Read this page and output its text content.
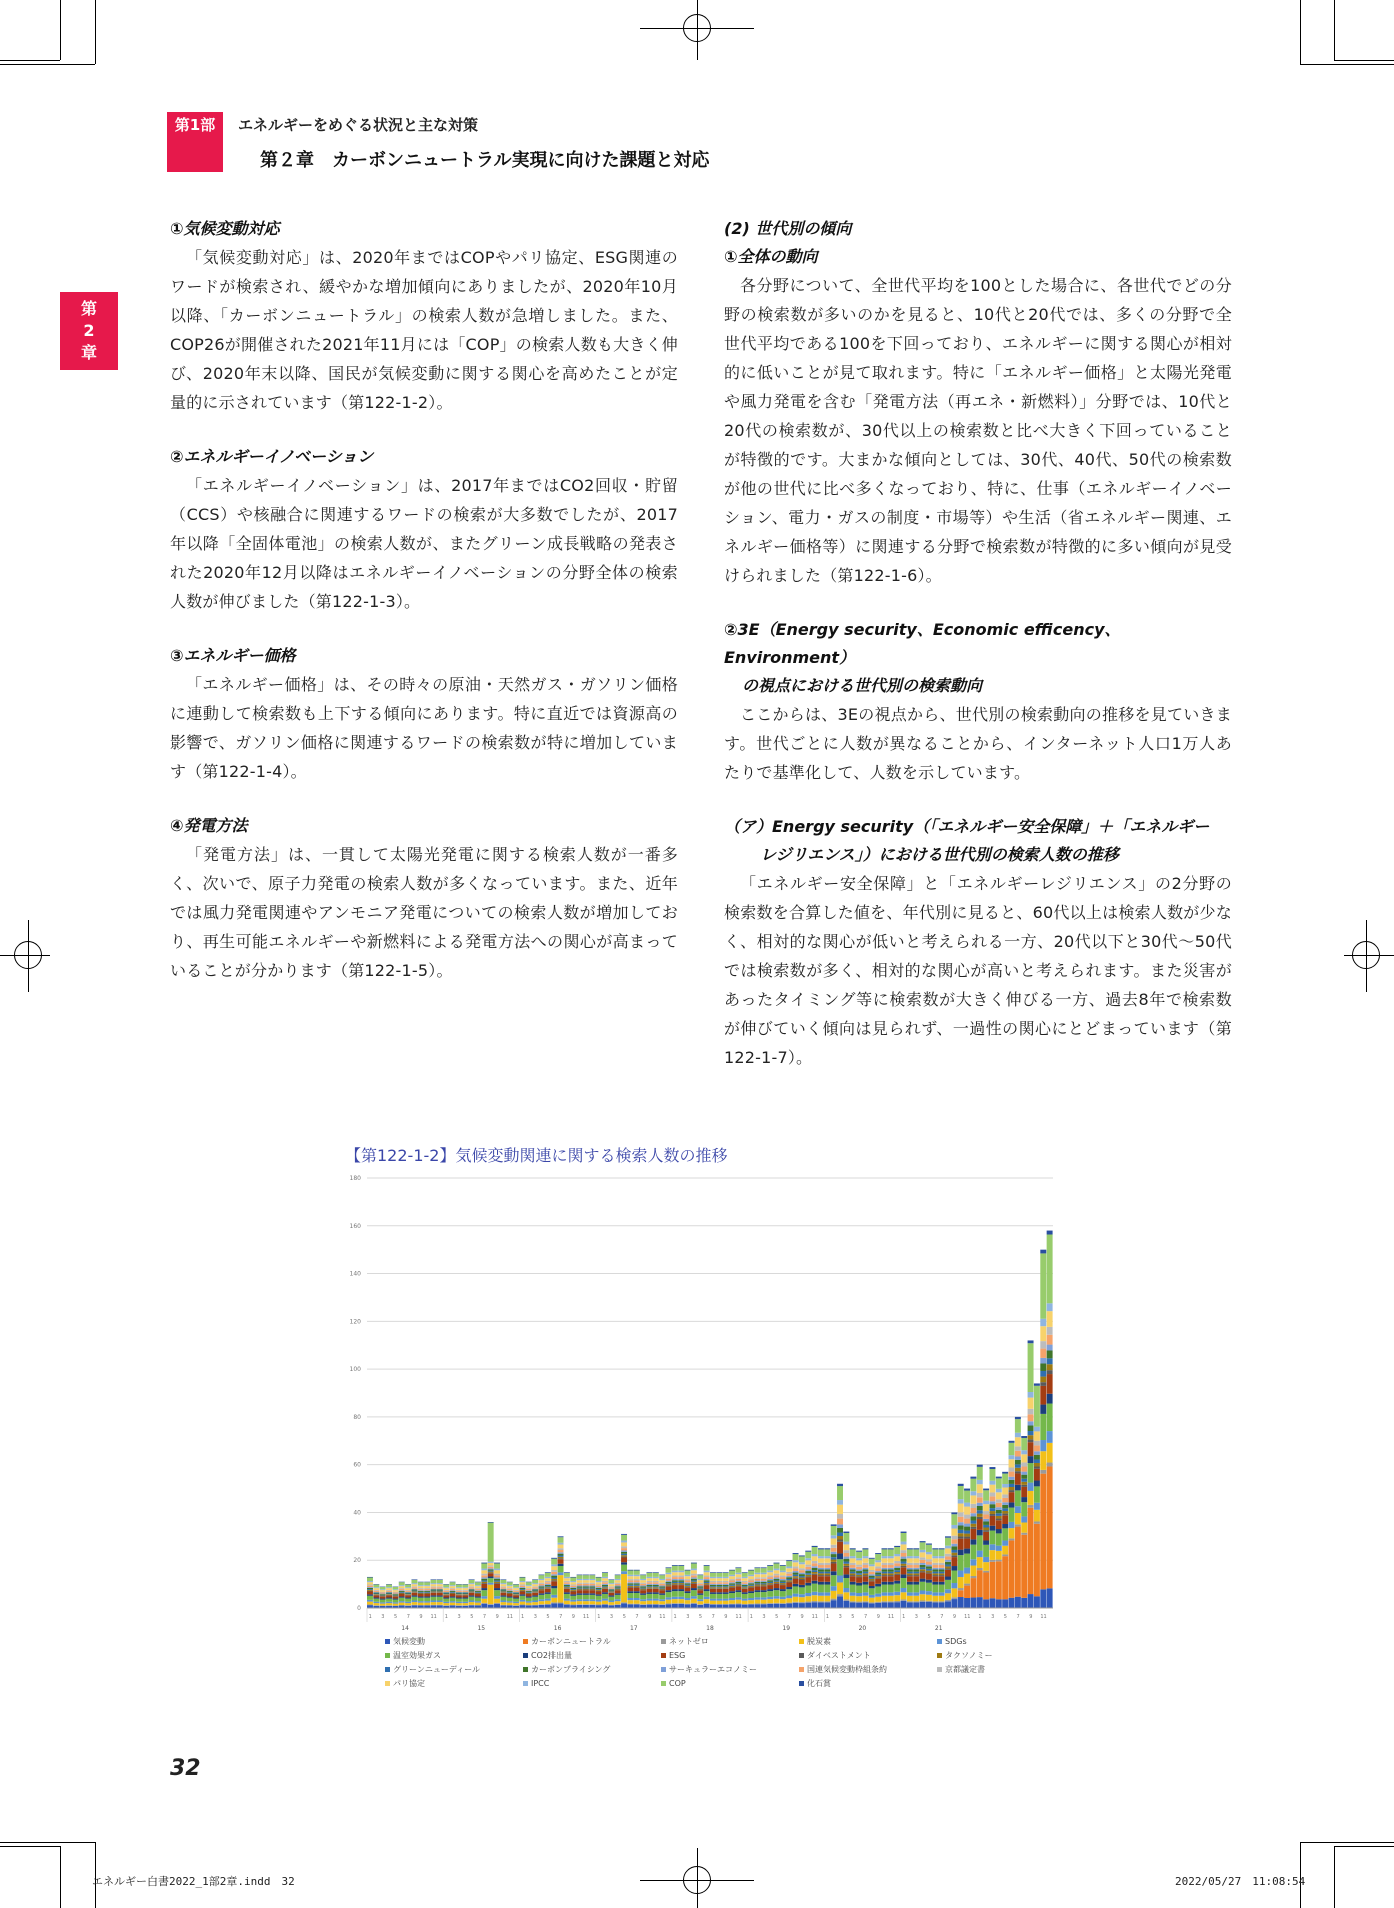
第1部	エネルギーをめぐる状況と主な対策
第２章　カーボンニュートラル実現に向けた課題と対応
第
2
章
①気候変動対応
「気候変動対応」は、2020年まではCOPやパリ協定、ESG関連のワードが検索され、緩やかな増加傾向にありましたが、2020年10月以降、「カーボンニュートラル」の検索人数が急増しました。また、COP26が開催された2021年11月には「COP」の検索人数も大きく伸び、2020年末以降、国民が気候変動に関する関心を高めたことが定量的に示されています（第122-1-2）。
②エネルギーイノベーション
「エネルギーイノベーション」は、2017年まではCO2回収・貯留（CCS）や核融合に関連するワードの検索が大多数でしたが、2017年以降「全固体電池」の検索人数が、またグリーン成長戦略の発表された2020年12月以降はエネルギーイノベーションの分野全体の検索人数が伸びました（第122-1-3）。
③エネルギー価格
「エネルギー価格」は、その時々の原油・天然ガス・ガソリン価格に連動して検索数も上下する傾向にあります。特に直近では資源高の影響で、ガソリン価格に関連するワードの検索数が特に増加しています（第122-1-4）。
④発電方法
「発電方法」は、一貫して太陽光発電に関する検索人数が一番多く、次いで、原子力発電の検索人数が多くなっています。また、近年では風力発電関連やアンモニア発電についての検索人数が増加しており、再生可能エネルギーや新燃料による発電方法への関心が高まっていることが分かります（第122-1-5）。
(2) 世代別の傾向
①全体の動向
各分野について、全世代平均を100とした場合に、各世代でどの分野の検索数が多いのかを見ると、10代と20代では、多くの分野で全世代平均である100を下回っており、エネルギーに関する関心が相対的に低いことが見て取れます。特に「エネルギー価格」と太陽光発電や風力発電を含む「発電方法（再エネ・新燃料）」分野では、10代と20代の検索数が、30代以上の検索数と比べ大きく下回っていることが特徴的です。大まかな傾向としては、30代、40代、50代の検索数が他の世代に比べ多くなっており、特に、仕事（エネルギーイノベーション、電力・ガスの制度・市場等）や生活（省エネルギー関連、エネルギー価格等）に関連する分野で検索数が特徴的に多い傾向が見受けられました（第122-1-6）。
②3E（Energy security、Economic efficency、Environment）
の視点における世代別の検索動向
ここからは、3Eの視点から、世代別の検索動向の推移を見ていきます。世代ごとに人数が異なることから、インターネット人口1万人あたりで基準化して、人数を示しています。
（ア）Energy security（「エネルギー安全保障」＋「エネルギー
レジリエンス」）における世代別の検索人数の推移
「エネルギー安全保障」と「エネルギーレジリエンス」の2分野の検索数を合算した値を、年代別に見ると、60代以上は検索人数が少なく、相対的な関心が低いと考えられる一方、20代以下と30代〜50代では検索数が多く、相対的な関心が高いと考えられます。また災害があったタイミング等に検索数が大きく伸びる一方、過去8年で検索数が伸びていく傾向は見られず、一過性の関心にとどまっています（第122-1-7）。
【第122-1-2】気候変動関連に関する検索人数の推移
0
20
40
60
80
100
120
140
160
180
1 3 5 7 9 11 1 3 5 7 9 11 1 3 5 7 9 11 1 3 5 7 9 11 1 3 5 7 9 11 1 3 5 7 9 11 1 3 5 7 9 11 1 3 5 7 9 11 1 3 5 7 9 11
14	15	16	17	18	19	20	21
気候変動	カーボンニュートラル	ネットゼロ	脱炭素	SDGs
温室効果ガス	CO2排出量	ESG	ダイベストメント	タクソノミー
グリーンニューディール	カーボンプライシング	サーキュラーエコノミー	国連気候変動枠組条約	京都議定書
パリ協定	IPCC	COP	化石賞
32
エネルギー白書2022_1部2章.indd　32	2022/05/27　11:08:54
